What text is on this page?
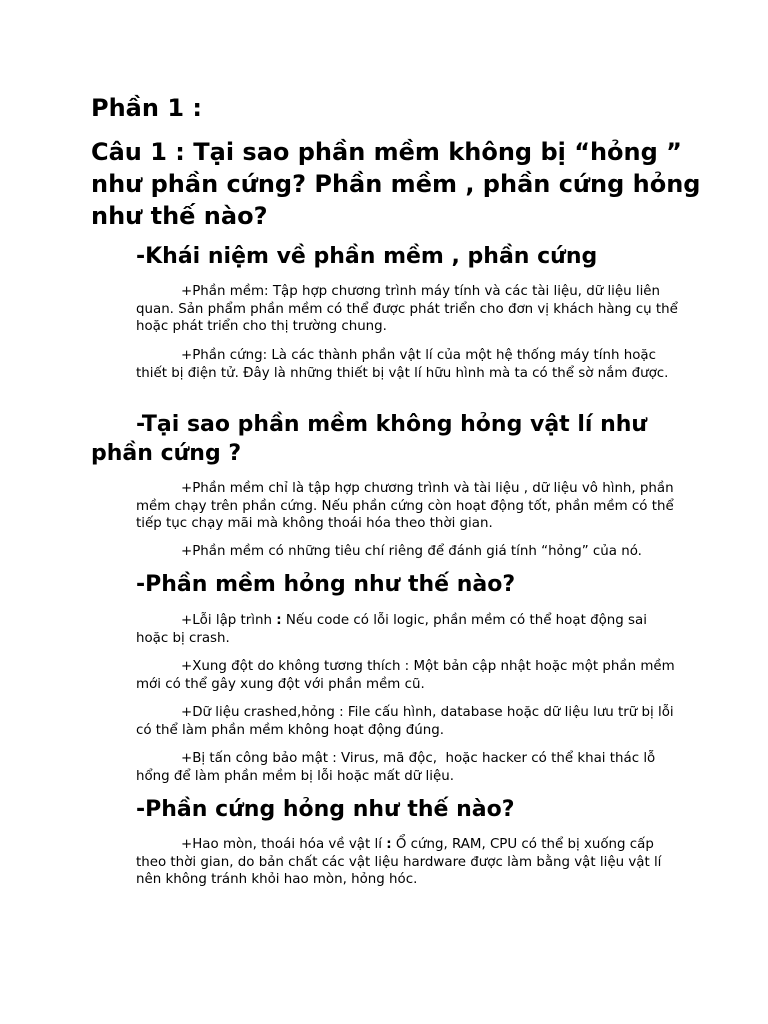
Phần 1 :
Câu 1 : Tại sao phần mềm không bị “hỏng ” như phần cứng? Phần mềm , phần cứng hỏng như thế nào?
-Khái niệm về phần mềm , phần cứng

+Phần mềm: Tập hợp chương trình máy tính và các tài liệu, dữ liệu liên quan. Sản phẩm phần mềm có thể được phát triển cho đơn vị khách hàng cụ thể hoặc phát triển cho thị trường chung.

+Phần cứng: Là các thành phần vật lí của một hệ thống máy tính hoặc thiết bị điện tử. Đây là những thiết bị vật lí hữu hình mà ta có thể sờ nắm được.

-Tại sao phần mềm không hỏng vật lí như phần cứng ?

+Phần mềm chỉ là tập hợp chương trình và tài liệu , dữ liệu vô hình, phần mềm chạy trên phần cứng. Nếu phần cứng còn hoạt động tốt, phần mềm có thể tiếp tục chạy mãi mà không thoái hóa theo thời gian.

+Phần mềm có những tiêu chí riêng để đánh giá tính “hỏng” của nó.

-Phần mềm hỏng như thế nào?

+Lỗi lập trình : Nếu code có lỗi logic, phần mềm có thể hoạt động sai hoặc bị crash.

+Xung đột do không tương thích : Một bản cập nhật hoặc một phần mềm mới có thể gây xung đột với phần mềm cũ.

+Dữ liệu crashed,hỏng : File cấu hình, database hoặc dữ liệu lưu trữ bị lỗi có thể làm phần mềm không hoạt động đúng.

+Bị tấn công bảo mật : Virus, mã độc,  hoặc hacker có thể khai thác lỗ hổng để làm phần mềm bị lỗi hoặc mất dữ liệu.

-Phần cứng hỏng như thế nào?

+Hao mòn, thoái hóa về vật lí : Ổ cứng, RAM, CPU có thể bị xuống cấp theo thời gian, do bản chất các vật liệu hardware được làm bằng vật liệu vật lí nên không tránh khỏi hao mòn, hỏng hóc.
